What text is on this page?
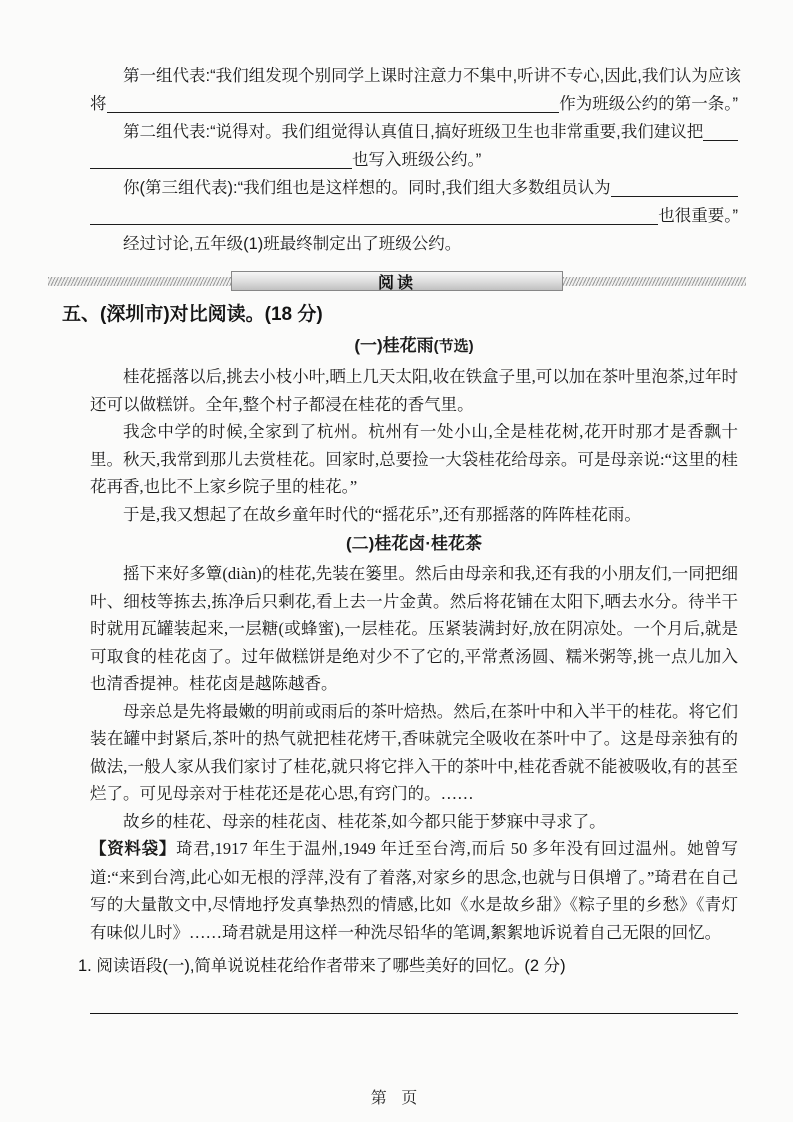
第一组代表:“我们组发现个别同学上课时注意力不集中,听讲不专心,因此,我们认为应该
将	作为班级公约的第一条。”
第二组代表:“说得对。我们组觉得认真值日,搞好班级卫生也非常重要,我们建议把
也写入班级公约。”
你(第三组代表):“我们组也是这样想的。同时,我们组大多数组员认为
也很重要。”
经过讨论,五年级(1)班最终制定出了班级公约。
阅读
五、(深圳市)对比阅读。(18 分)
(一)桂花雨(节选)

桂花摇落以后,挑去小枝小叶,晒上几天太阳,收在铁盒子里,可以加在茶叶里泡茶,过年时还可以做糕饼。全年,整个村子都浸在桂花的香气里。

我念中学的时候,全家到了杭州。杭州有一处小山,全是桂花树,花开时那才是香飘十里。秋天,我常到那儿去赏桂花。回家时,总要捡一大袋桂花给母亲。可是母亲说:“这里的桂花再香,也比不上家乡院子里的桂花。”

于是,我又想起了在故乡童年时代的“摇花乐”,还有那摇落的阵阵桂花雨。

(二)桂花卤·桂花茶

摇下来好多簟(diàn)的桂花,先装在篓里。然后由母亲和我,还有我的小朋友们,一同把细叶、细枝等拣去,拣净后只剩花,看上去一片金黄。然后将花铺在太阳下,晒去水分。待半干时就用瓦罐装起来,一层糖(或蜂蜜),一层桂花。压紧装满封好,放在阴凉处。一个月后,就是可取食的桂花卤了。过年做糕饼是绝对少不了它的,平常煮汤圆、糯米粥等,挑一点儿加入也清香提神。桂花卤是越陈越香。

母亲总是先将最嫩的明前或雨后的茶叶焙热。然后,在茶叶中和入半干的桂花。将它们装在罐中封紧后,茶叶的热气就把桂花烤干,香味就完全吸收在茶叶中了。这是母亲独有的做法,一般人家从我们家讨了桂花,就只将它拌入干的茶叶中,桂花香就不能被吸收,有的甚至烂了。可见母亲对于桂花还是花心思,有窍门的。……

故乡的桂花、母亲的桂花卤、桂花茶,如今都只能于梦寐中寻求了。

【资料袋】琦君,1917 年生于温州,1949 年迁至台湾,而后 50 多年没有回过温州。她曾写道:“来到台湾,此心如无根的浮萍,没有了着落,对家乡的思念,也就与日俱增了。”琦君在自己写的大量散文中,尽情地抒发真挚热烈的情感,比如《水是故乡甜》《粽子里的乡愁》《青灯有味似儿时》……琦君就是用这样一种洗尽铅华的笔调,絮絮地诉说着自己无限的回忆。

1. 阅读语段(一),简单说说桂花给作者带来了哪些美好的回忆。(2 分)
第 页
